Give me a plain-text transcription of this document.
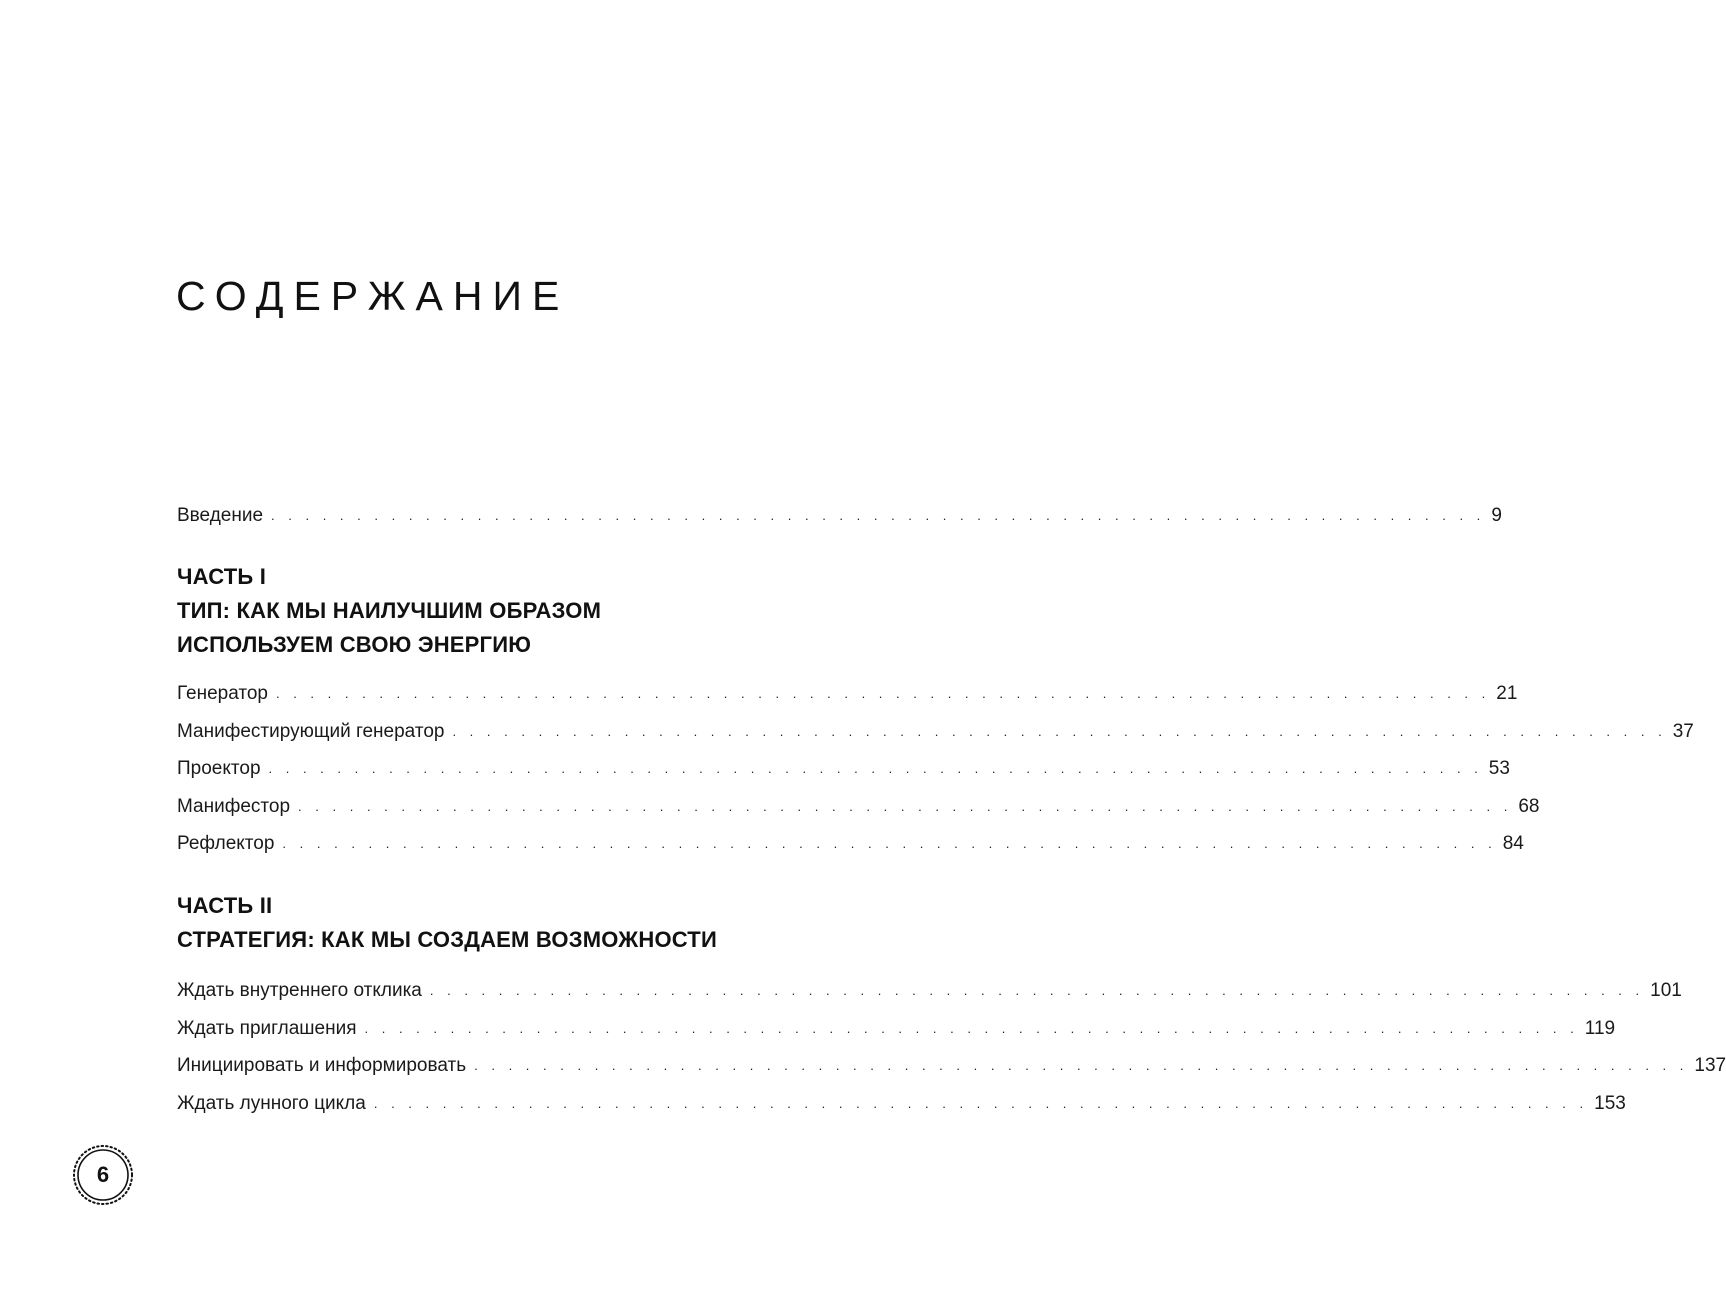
СОДЕРЖАНИЕ
Введение . . . . . . . . . . . . . . . . . . . . . . . . . . . . . . . . . . . . . . . . . . . . . . . . . . . . . . . . . . . . . . . . . . . . . . . 9
ЧАСТЬ I
ТИП: КАК МЫ НАИЛУЧШИМ ОБРАЗОМ
ИСПОЛЬЗУЕМ СВОЮ ЭНЕРГИЮ
Генератор . . . . . . . . . . . . . . . . . . . . . . . . . . . . . . . . . . . . . . . . . . . . . . . . . . . . . . . . . . . . . . . . . . . . . . . 21
Манифестирующий генератор . . . . . . . . . . . . . . . . . . . . . . . . . . . . . . . . . . . . . . . . . . . . . . . . . . . . . . . . . . . . . . . . . . . . . . . 37
Проектор . . . . . . . . . . . . . . . . . . . . . . . . . . . . . . . . . . . . . . . . . . . . . . . . . . . . . . . . . . . . . . . . . . . . . . . 53
Манифестор . . . . . . . . . . . . . . . . . . . . . . . . . . . . . . . . . . . . . . . . . . . . . . . . . . . . . . . . . . . . . . . . . . . . . . . 68
Рефлектор . . . . . . . . . . . . . . . . . . . . . . . . . . . . . . . . . . . . . . . . . . . . . . . . . . . . . . . . . . . . . . . . . . . . . . . 84
ЧАСТЬ II
СТРАТЕГИЯ: КАК МЫ СОЗДАЕМ ВОЗМОЖНОСТИ
Ждать внутреннего отклика . . . . . . . . . . . . . . . . . . . . . . . . . . . . . . . . . . . . . . . . . . . . . . . . . . . . . . . . . . . . . . . . . . . . . . . 101
Ждать приглашения . . . . . . . . . . . . . . . . . . . . . . . . . . . . . . . . . . . . . . . . . . . . . . . . . . . . . . . . . . . . . . . . . . . . . . . 119
Инициировать и информировать . . . . . . . . . . . . . . . . . . . . . . . . . . . . . . . . . . . . . . . . . . . . . . . . . . . . . . . . . . . . . . . . . . . . . . . 137
Ждать лунного цикла . . . . . . . . . . . . . . . . . . . . . . . . . . . . . . . . . . . . . . . . . . . . . . . . . . . . . . . . . . . . . . . . . . . . . . . 153
6
